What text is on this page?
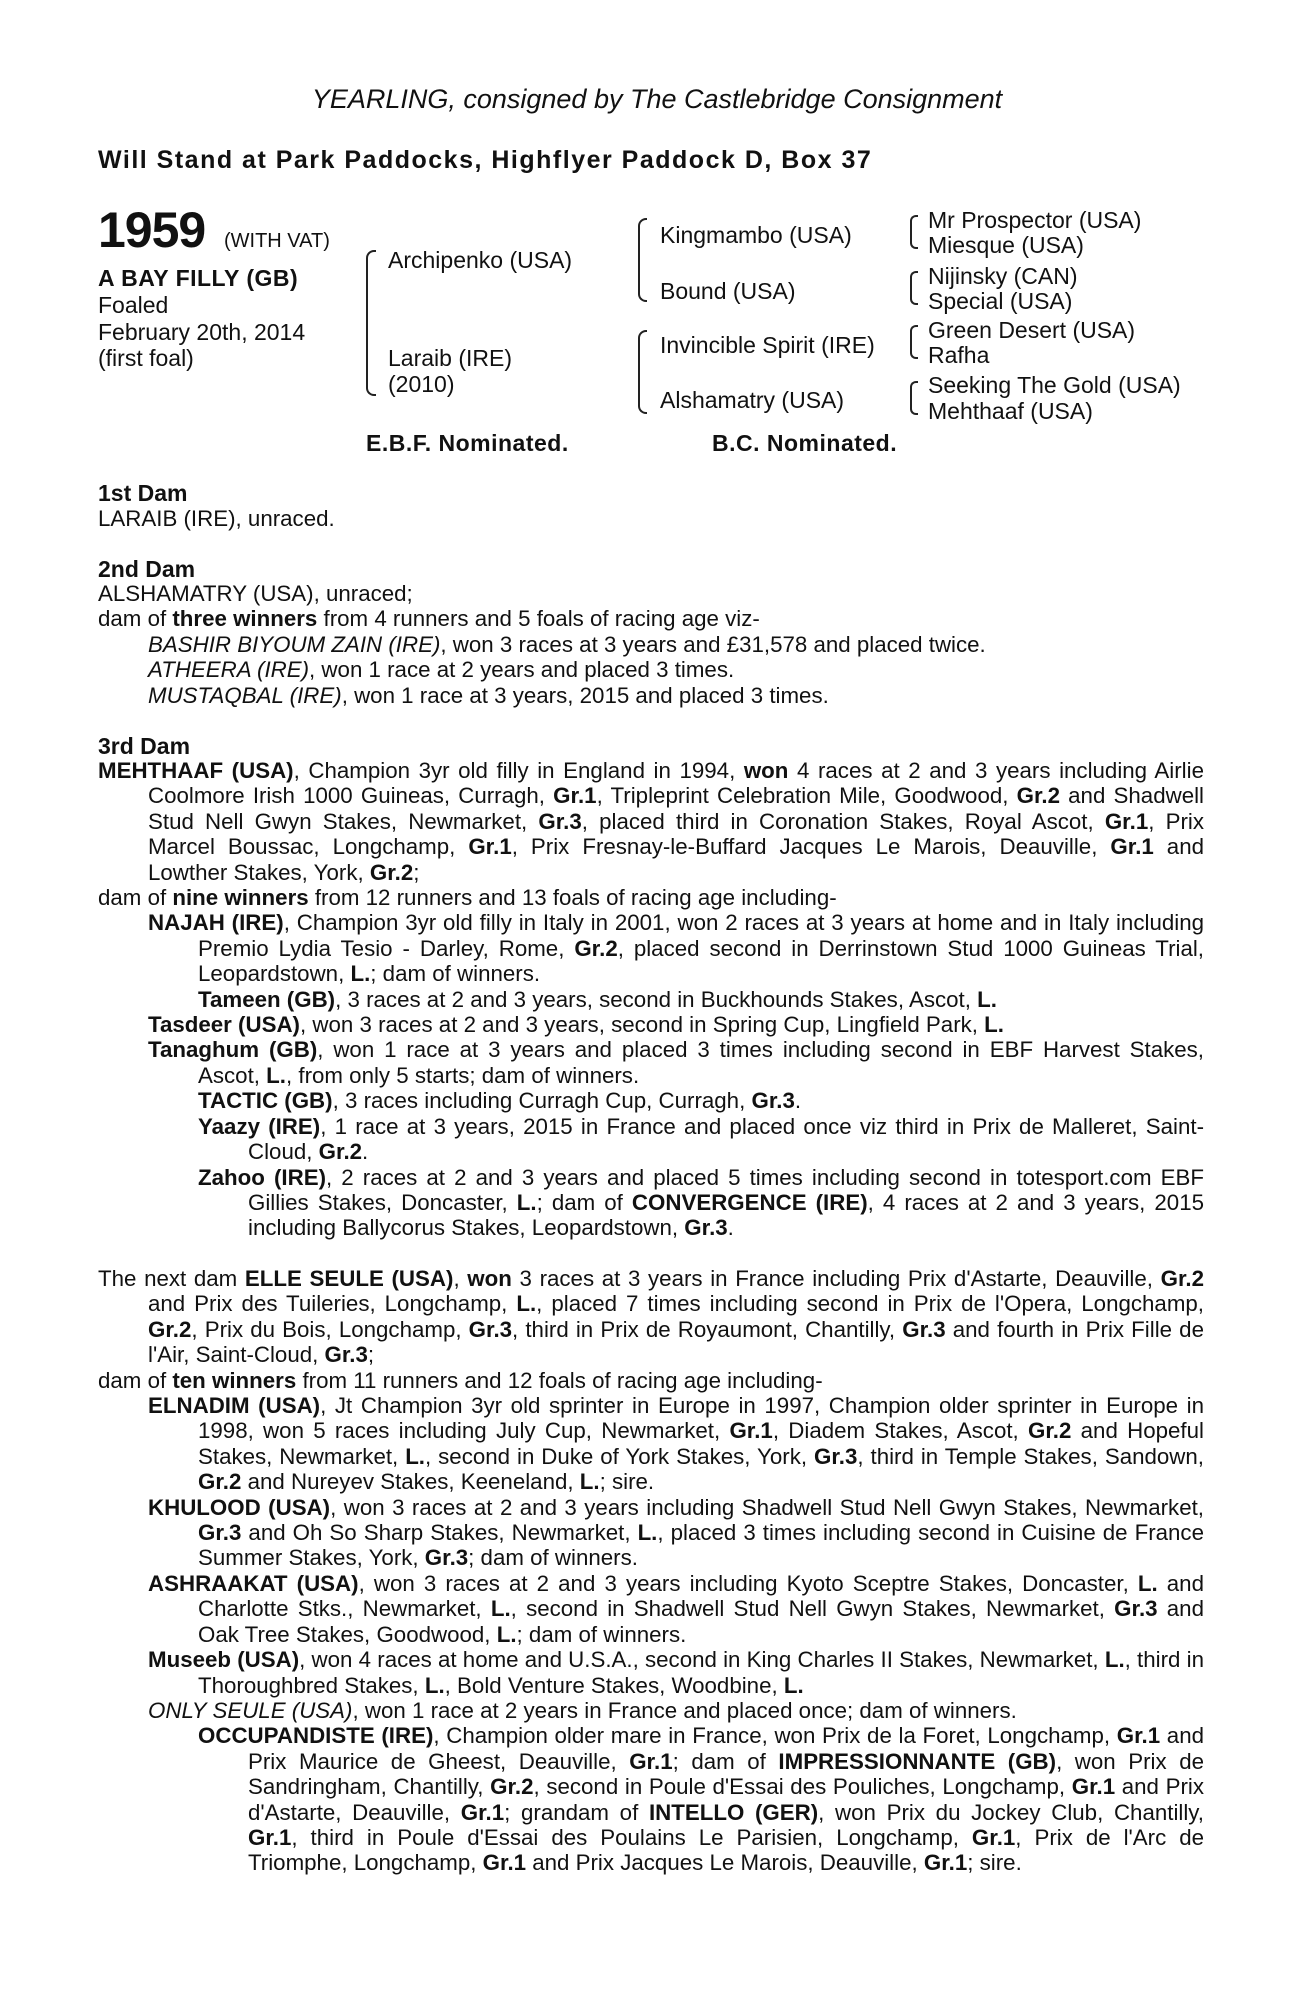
YEARLING, consigned by The Castlebridge Consignment
Will Stand at Park Paddocks, Highflyer Paddock D, Box 37
1959 (WITH VAT)
A BAY FILLY (GB)
Foaled
February 20th, 2014
(first foal)
Archipenko (USA)
Laraib (IRE)
(2010)
Kingmambo (USA)
Bound (USA)
Invincible Spirit (IRE)
Alshamatry (USA)
Mr Prospector (USA)
Miesque (USA)
Nijinsky (CAN)
Special (USA)
Green Desert (USA)
Rafha
Seeking The Gold (USA)
Mehthaaf (USA)
E.B.F. Nominated.	B.C. Nominated.
1st Dam
LARAIB (IRE), unraced.
2nd Dam

ALSHAMATRY (USA), unraced;

dam of three winners from 4 runners and 5 foals of racing age viz-

BASHIR BIYOUM ZAIN (IRE), won 3 races at 3 years and £31,578 and placed twice.

ATHEERA (IRE), won 1 race at 2 years and placed 3 times.

MUSTAQBAL (IRE), won 1 race at 3 years, 2015 and placed 3 times.

3rd Dam

MEHTHAAF (USA), Champion 3yr old filly in England in 1994, won 4 races at 2 and 3 years including Airlie Coolmore Irish 1000 Guineas, Curragh, Gr.1, Tripleprint Celebration Mile, Goodwood, Gr.2 and Shadwell Stud Nell Gwyn Stakes, Newmarket, Gr.3, placed third in Coronation Stakes, Royal Ascot, Gr.1, Prix Marcel Boussac, Longchamp, Gr.1, Prix Fresnay-le-Buffard Jacques Le Marois, Deauville, Gr.1 and Lowther Stakes, York, Gr.2;

dam of nine winners from 12 runners and 13 foals of racing age including-

NAJAH (IRE), Champion 3yr old filly in Italy in 2001, won 2 races at 3 years at home and in Italy including Premio Lydia Tesio - Darley, Rome, Gr.2, placed second in Derrinstown Stud 1000 Guineas Trial, Leopardstown, L.; dam of winners.

Tameen (GB), 3 races at 2 and 3 years, second in Buckhounds Stakes, Ascot, L.

Tasdeer (USA), won 3 races at 2 and 3 years, second in Spring Cup, Lingfield Park, L.

Tanaghum (GB), won 1 race at 3 years and placed 3 times including second in EBF Harvest Stakes, Ascot, L., from only 5 starts; dam of winners.

TACTIC (GB), 3 races including Curragh Cup, Curragh, Gr.3.

Yaazy (IRE), 1 race at 3 years, 2015 in France and placed once viz third in Prix de Malleret, Saint-Cloud, Gr.2.

Zahoo (IRE), 2 races at 2 and 3 years and placed 5 times including second in totesport.com EBF Gillies Stakes, Doncaster, L.; dam of CONVERGENCE (IRE), 4 races at 2 and 3 years, 2015 including Ballycorus Stakes, Leopardstown, Gr.3.

The next dam ELLE SEULE (USA), won 3 races at 3 years in France including Prix d'Astarte, Deauville, Gr.2 and Prix des Tuileries, Longchamp, L., placed 7 times including second in Prix de l'Opera, Longchamp, Gr.2, Prix du Bois, Longchamp, Gr.3, third in Prix de Royaumont, Chantilly, Gr.3 and fourth in Prix Fille de l'Air, Saint-Cloud, Gr.3;

dam of ten winners from 11 runners and 12 foals of racing age including-

ELNADIM (USA), Jt Champion 3yr old sprinter in Europe in 1997, Champion older sprinter in Europe in 1998, won 5 races including July Cup, Newmarket, Gr.1, Diadem Stakes, Ascot, Gr.2 and Hopeful Stakes, Newmarket, L., second in Duke of York Stakes, York, Gr.3, third in Temple Stakes, Sandown, Gr.2 and Nureyev Stakes, Keeneland, L.; sire.

KHULOOD (USA), won 3 races at 2 and 3 years including Shadwell Stud Nell Gwyn Stakes, Newmarket, Gr.3 and Oh So Sharp Stakes, Newmarket, L., placed 3 times including second in Cuisine de France Summer Stakes, York, Gr.3; dam of winners.

ASHRAAKAT (USA), won 3 races at 2 and 3 years including Kyoto Sceptre Stakes, Doncaster, L. and Charlotte Stks., Newmarket, L., second in Shadwell Stud Nell Gwyn Stakes, Newmarket, Gr.3 and Oak Tree Stakes, Goodwood, L.; dam of winners.

Museeb (USA), won 4 races at home and U.S.A., second in King Charles II Stakes, Newmarket, L., third in Thoroughbred Stakes, L., Bold Venture Stakes, Woodbine, L.

ONLY SEULE (USA), won 1 race at 2 years in France and placed once; dam of winners.

OCCUPANDISTE (IRE), Champion older mare in France, won Prix de la Foret, Longchamp, Gr.1 and Prix Maurice de Gheest, Deauville, Gr.1; dam of IMPRESSIONNANTE (GB), won Prix de Sandringham, Chantilly, Gr.2, second in Poule d'Essai des Pouliches, Longchamp, Gr.1 and Prix d'Astarte, Deauville, Gr.1; grandam of INTELLO (GER), won Prix du Jockey Club, Chantilly, Gr.1, third in Poule d'Essai des Poulains Le Parisien, Longchamp, Gr.1, Prix de l'Arc de Triomphe, Longchamp, Gr.1 and Prix Jacques Le Marois, Deauville, Gr.1; sire.
